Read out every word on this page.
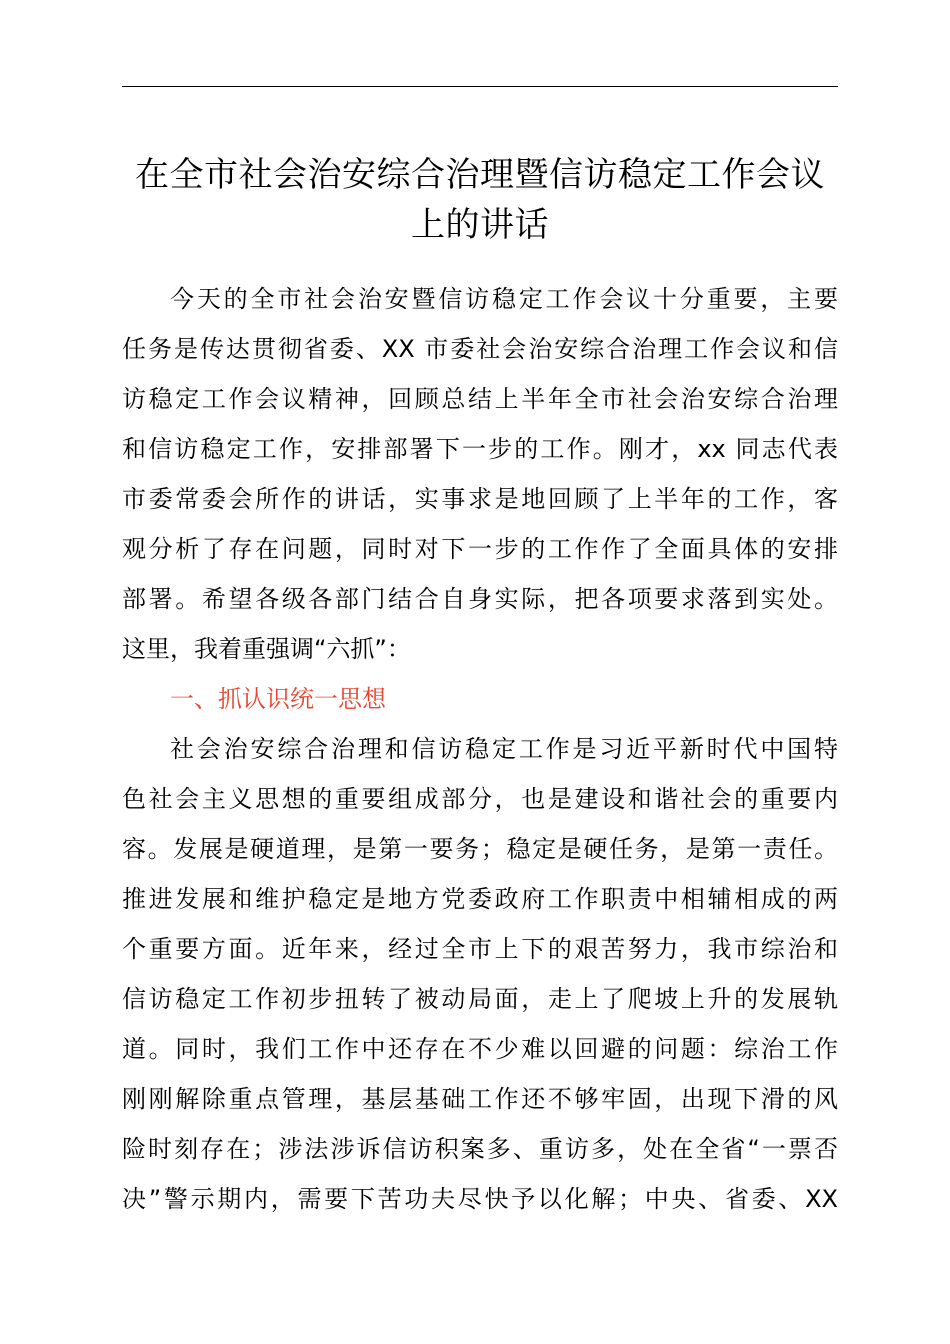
在全市社会治安综合治理暨信访稳定工作会议
上的讲话
今天的全市社会治安暨信访稳定工作会议十分重要，主要
任务是传达贯彻省委、XX 市委社会治安综合治理工作会议和信
访稳定工作会议精神，回顾总结上半年全市社会治安综合治理
和信访稳定工作，安排部署下一步的工作。刚才，xx 同志代表
市委常委会所作的讲话，实事求是地回顾了上半年的工作，客
观分析了存在问题，同时对下一步的工作作了全面具体的安排
部署。希望各级各部门结合自身实际，把各项要求落到实处。
这里，我着重强调“六抓”：
一、抓认识统一思想
社会治安综合治理和信访稳定工作是习近平新时代中国特
色社会主义思想的重要组成部分，也是建设和谐社会的重要内
容。发展是硬道理，是第一要务；稳定是硬任务，是第一责任。
推进发展和维护稳定是地方党委政府工作职责中相辅相成的两
个重要方面。近年来，经过全市上下的艰苦努力，我市综治和
信访稳定工作初步扭转了被动局面，走上了爬坡上升的发展轨
道。同时，我们工作中还存在不少难以回避的问题：综治工作
刚刚解除重点管理，基层基础工作还不够牢固，出现下滑的风
险时刻存在；涉法涉诉信访积案多、重访多，处在全省“一票否
决”警示期内，需要下苦功夫尽快予以化解；中央、省委、XX
